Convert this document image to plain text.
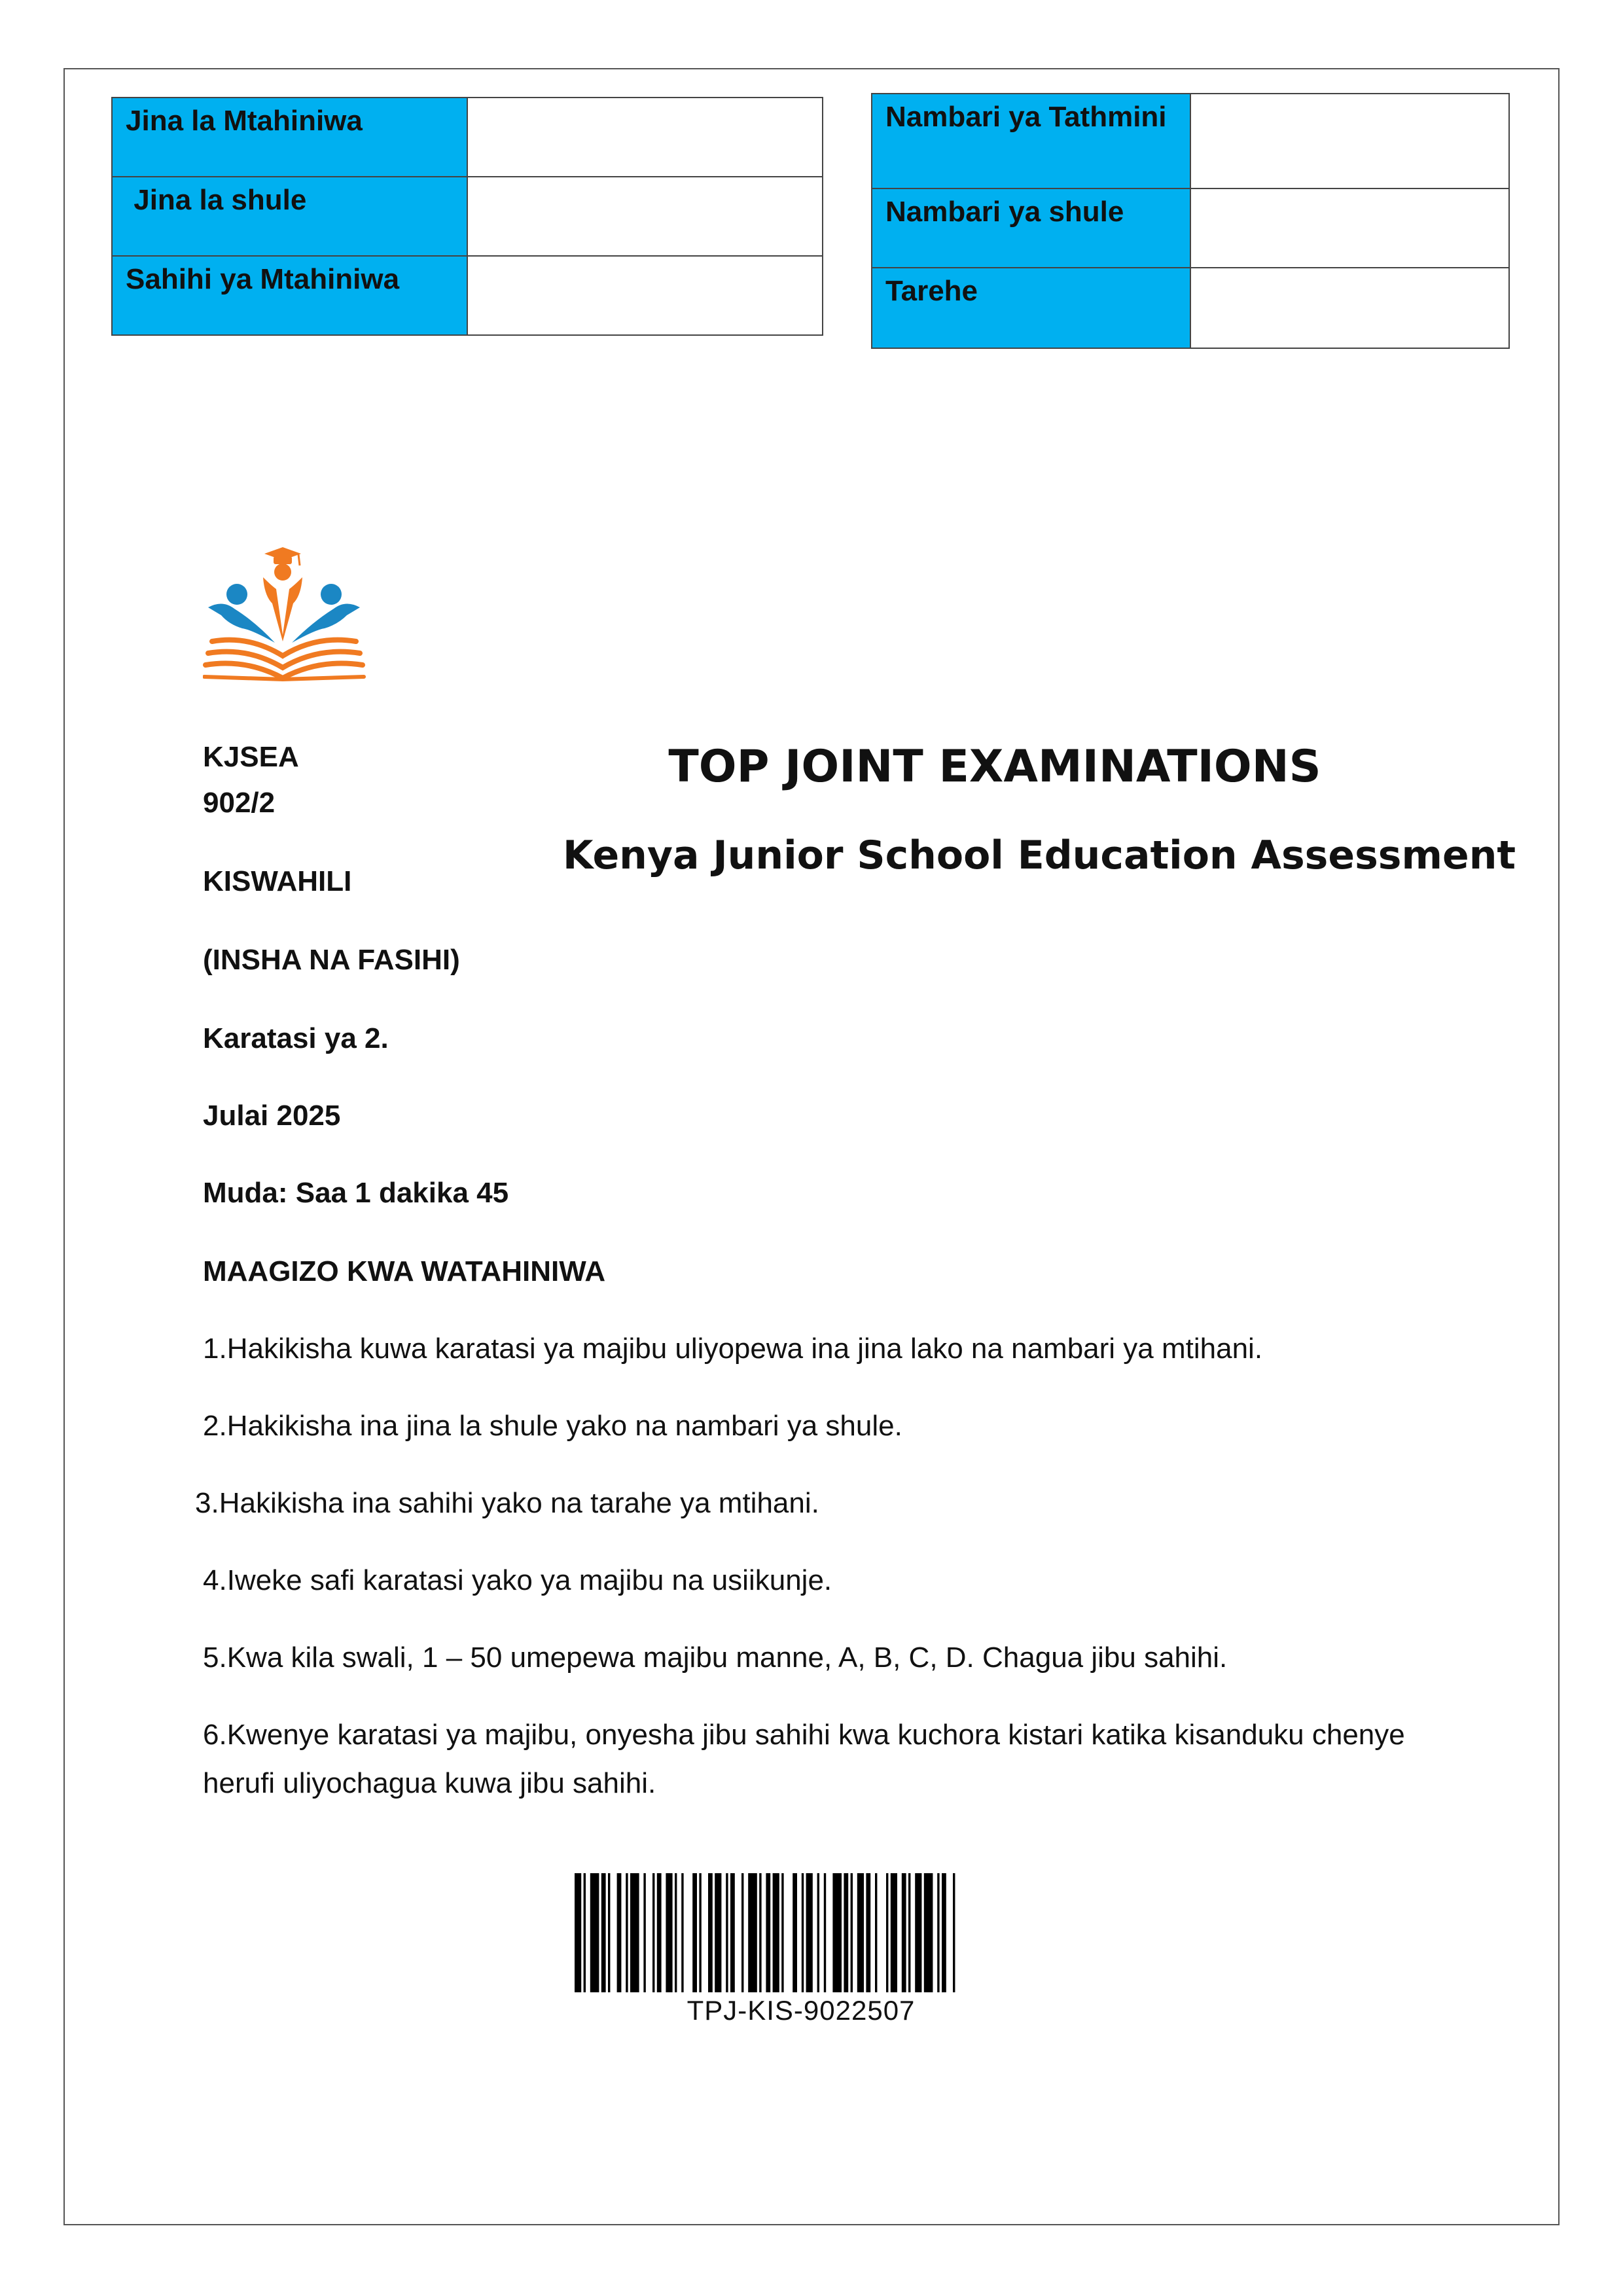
Jina la Mtahiniwa	
Jina la shule	
Sahihi ya Mtahiniwa	
Nambari ya Tathmini	
Nambari ya shule	
Tarehe	
KJSEA
902/2
KISWAHILI
(INSHA NA FASIHI)
Karatasi ya 2.
Julai 2025
Muda: Saa 1 dakika 45
TOP JOINT EXAMINATIONS
Kenya Junior School Education Assessment
MAAGIZO KWA WATAHINIWA
1.Hakikisha kuwa karatasi ya majibu uliyopewa ina jina lako na nambari ya mtihani.
2.Hakikisha ina jina la shule yako na nambari ya shule.
3.Hakikisha ina sahihi yako na tarahe ya mtihani.
4.Iweke safi karatasi yako ya majibu na usiikunje.
5.Kwa kila swali, 1 – 50 umepewa majibu manne, A, B, C, D. Chagua jibu sahihi.
6.Kwenye karatasi ya majibu, onyesha jibu sahihi kwa kuchora kistari katika kisanduku chenye
herufi uliyochagua kuwa jibu sahihi.
TPJ-KIS-9022507
